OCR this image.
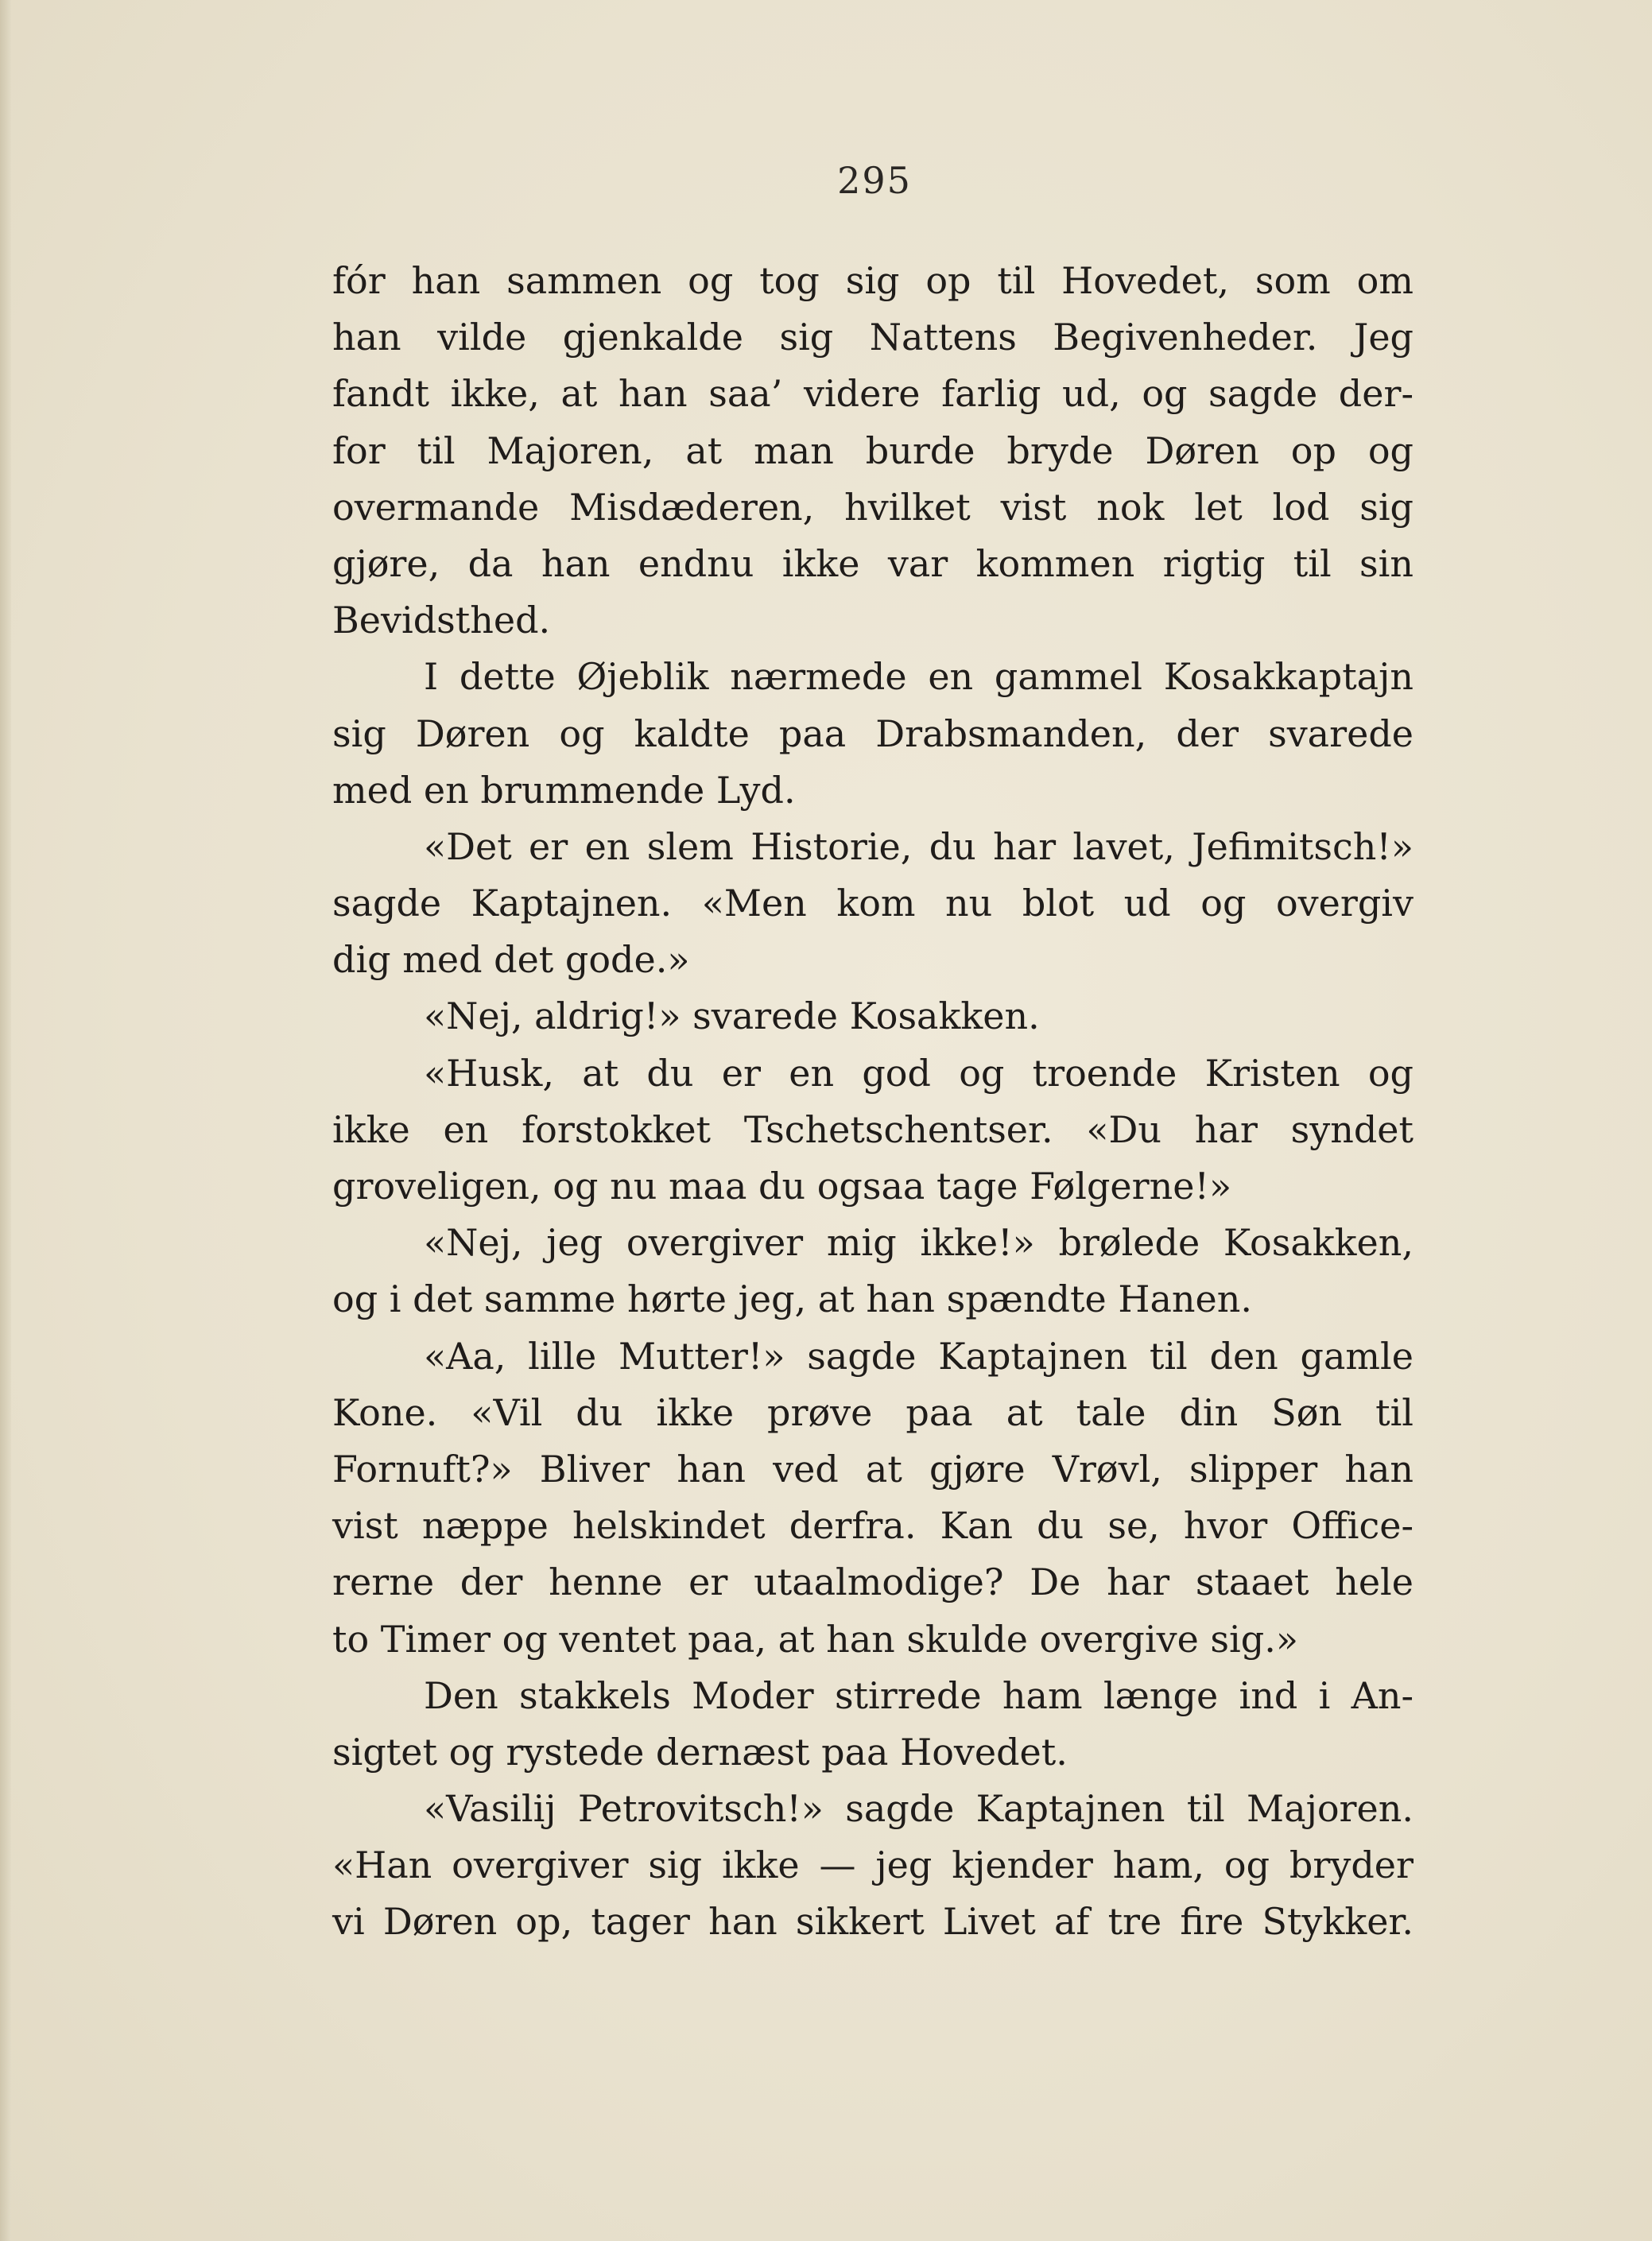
295
fór han sammen og tog sig op til Hovedet, som om
han vilde gjenkalde sig Nattens Begivenheder. Jeg
fandt ikke, at han saa’ videre farlig ud, og sagde der-
for til Majoren, at man burde bryde Døren op og
overmande Misdæderen, hvilket vist nok let lod sig
gjøre, da han endnu ikke var kommen rigtig til sin
Bevidsthed.
I dette Øjeblik nærmede en gammel Kosakkaptajn
sig Døren og kaldte paa Drabsmanden, der svarede
med en brummende Lyd.
«Det er en slem Historie, du har lavet, Jefimitsch!»
sagde Kaptajnen. «Men kom nu blot ud og overgiv
dig med det gode.»
«Nej, aldrig!» svarede Kosakken.
«Husk, at du er en god og troende Kristen og
ikke en forstokket Tschetschentser. «Du har syndet
groveligen, og nu maa du ogsaa tage Følgerne!»
«Nej, jeg overgiver mig ikke!» brølede Kosakken,
og i det samme hørte jeg, at han spændte Hanen.
«Aa, lille Mutter!» sagde Kaptajnen til den gamle
Kone. «Vil du ikke prøve paa at tale din Søn til
Fornuft?» Bliver han ved at gjøre Vrøvl, slipper han
vist næppe helskindet derfra. Kan du se, hvor Office-
rerne der henne er utaalmodige? De har staaet hele
to Timer og ventet paa, at han skulde overgive sig.»
Den stakkels Moder stirrede ham længe ind i An-
sigtet og rystede dernæst paa Hovedet.
«Vasilij Petrovitsch!» sagde Kaptajnen til Majoren.
«Han overgiver sig ikke — jeg kjender ham, og bryder
vi Døren op, tager han sikkert Livet af tre fire Stykker.
